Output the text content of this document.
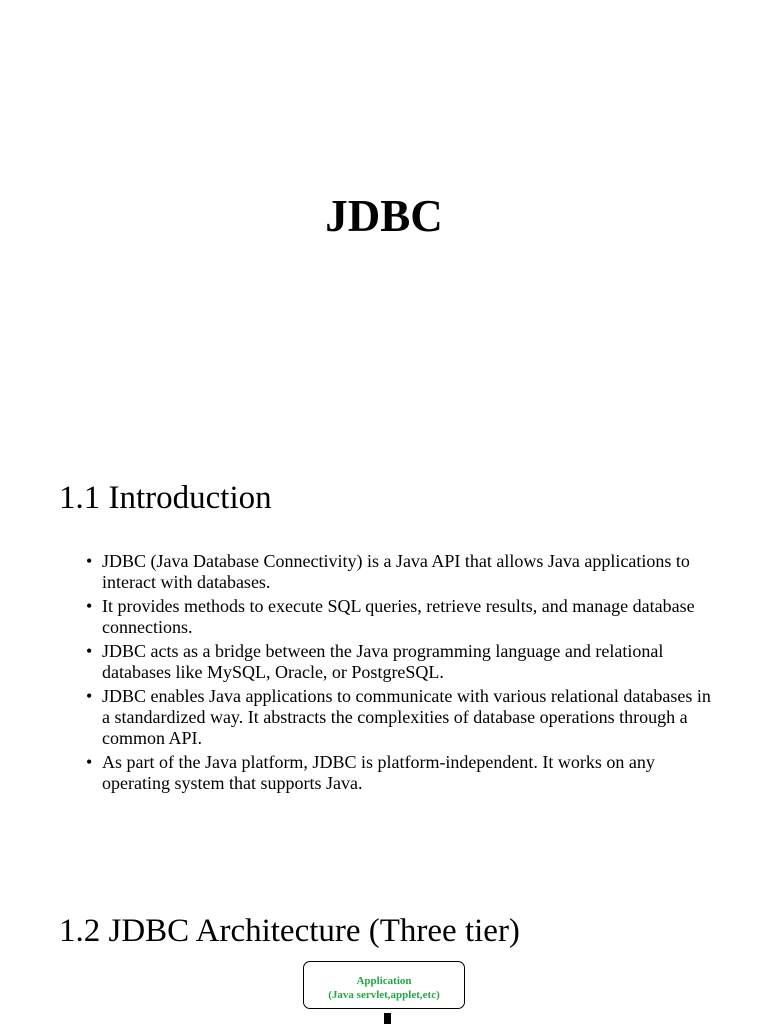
JDBC
1.1 Introduction
• JDBC (Java Database Connectivity) is a Java API that allows Java applications to interact with databases.
• It provides methods to execute SQL queries, retrieve results, and manage database connections.
• JDBC acts as a bridge between the Java programming language and relational databases like MySQL, Oracle, or PostgreSQL.
• JDBC enables Java applications to communicate with various relational databases in a standardized way. It abstracts the complexities of database operations through a common API.
• As part of the Java platform, JDBC is platform-independent. It works on any operating system that supports Java.
1.2 JDBC Architecture (Three tier)
Application
(Java servlet,applet,etc)
